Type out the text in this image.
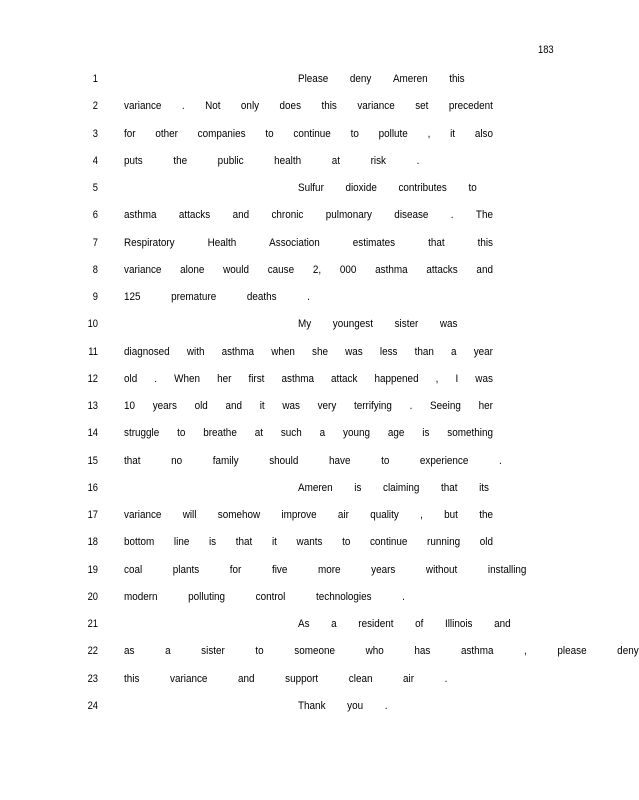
183
1	Please deny Ameren this
2 variance . Not only does this variance set precedent
3 for other companies to continue to pollute , it also
4 puts	the	public	health	at	risk	.
5	Sulfur dioxide contributes to
6 asthma attacks and chronic pulmonary disease . The
7 Respiratory	Health	Association	estimates	that	this
8 variance alone would cause 2, 000 asthma attacks and
9 125	premature	deaths	.
10	My youngest sister was
11 diagnosed with asthma when she was less than a year
12 old . When her first asthma attack happened , I was
13 10 years old and it was very terrifying . Seeing her
14 struggle to breathe at such a young age is something
15 that	no	family	should	have	to	experience	.
16	Ameren is claiming that its
17 variance will somehow improve air quality , but the
18 bottom line is that it wants to continue running old
19 coal	plants	for	five	more	years	without	installing
20 modern	polluting	control	technologies	.
21	As a resident of Illinois and
22 as	a	sister	to	someone	who	has	asthma	,	please	deny
23 this	variance	and	support	clean	air	.
24	Thank you .
